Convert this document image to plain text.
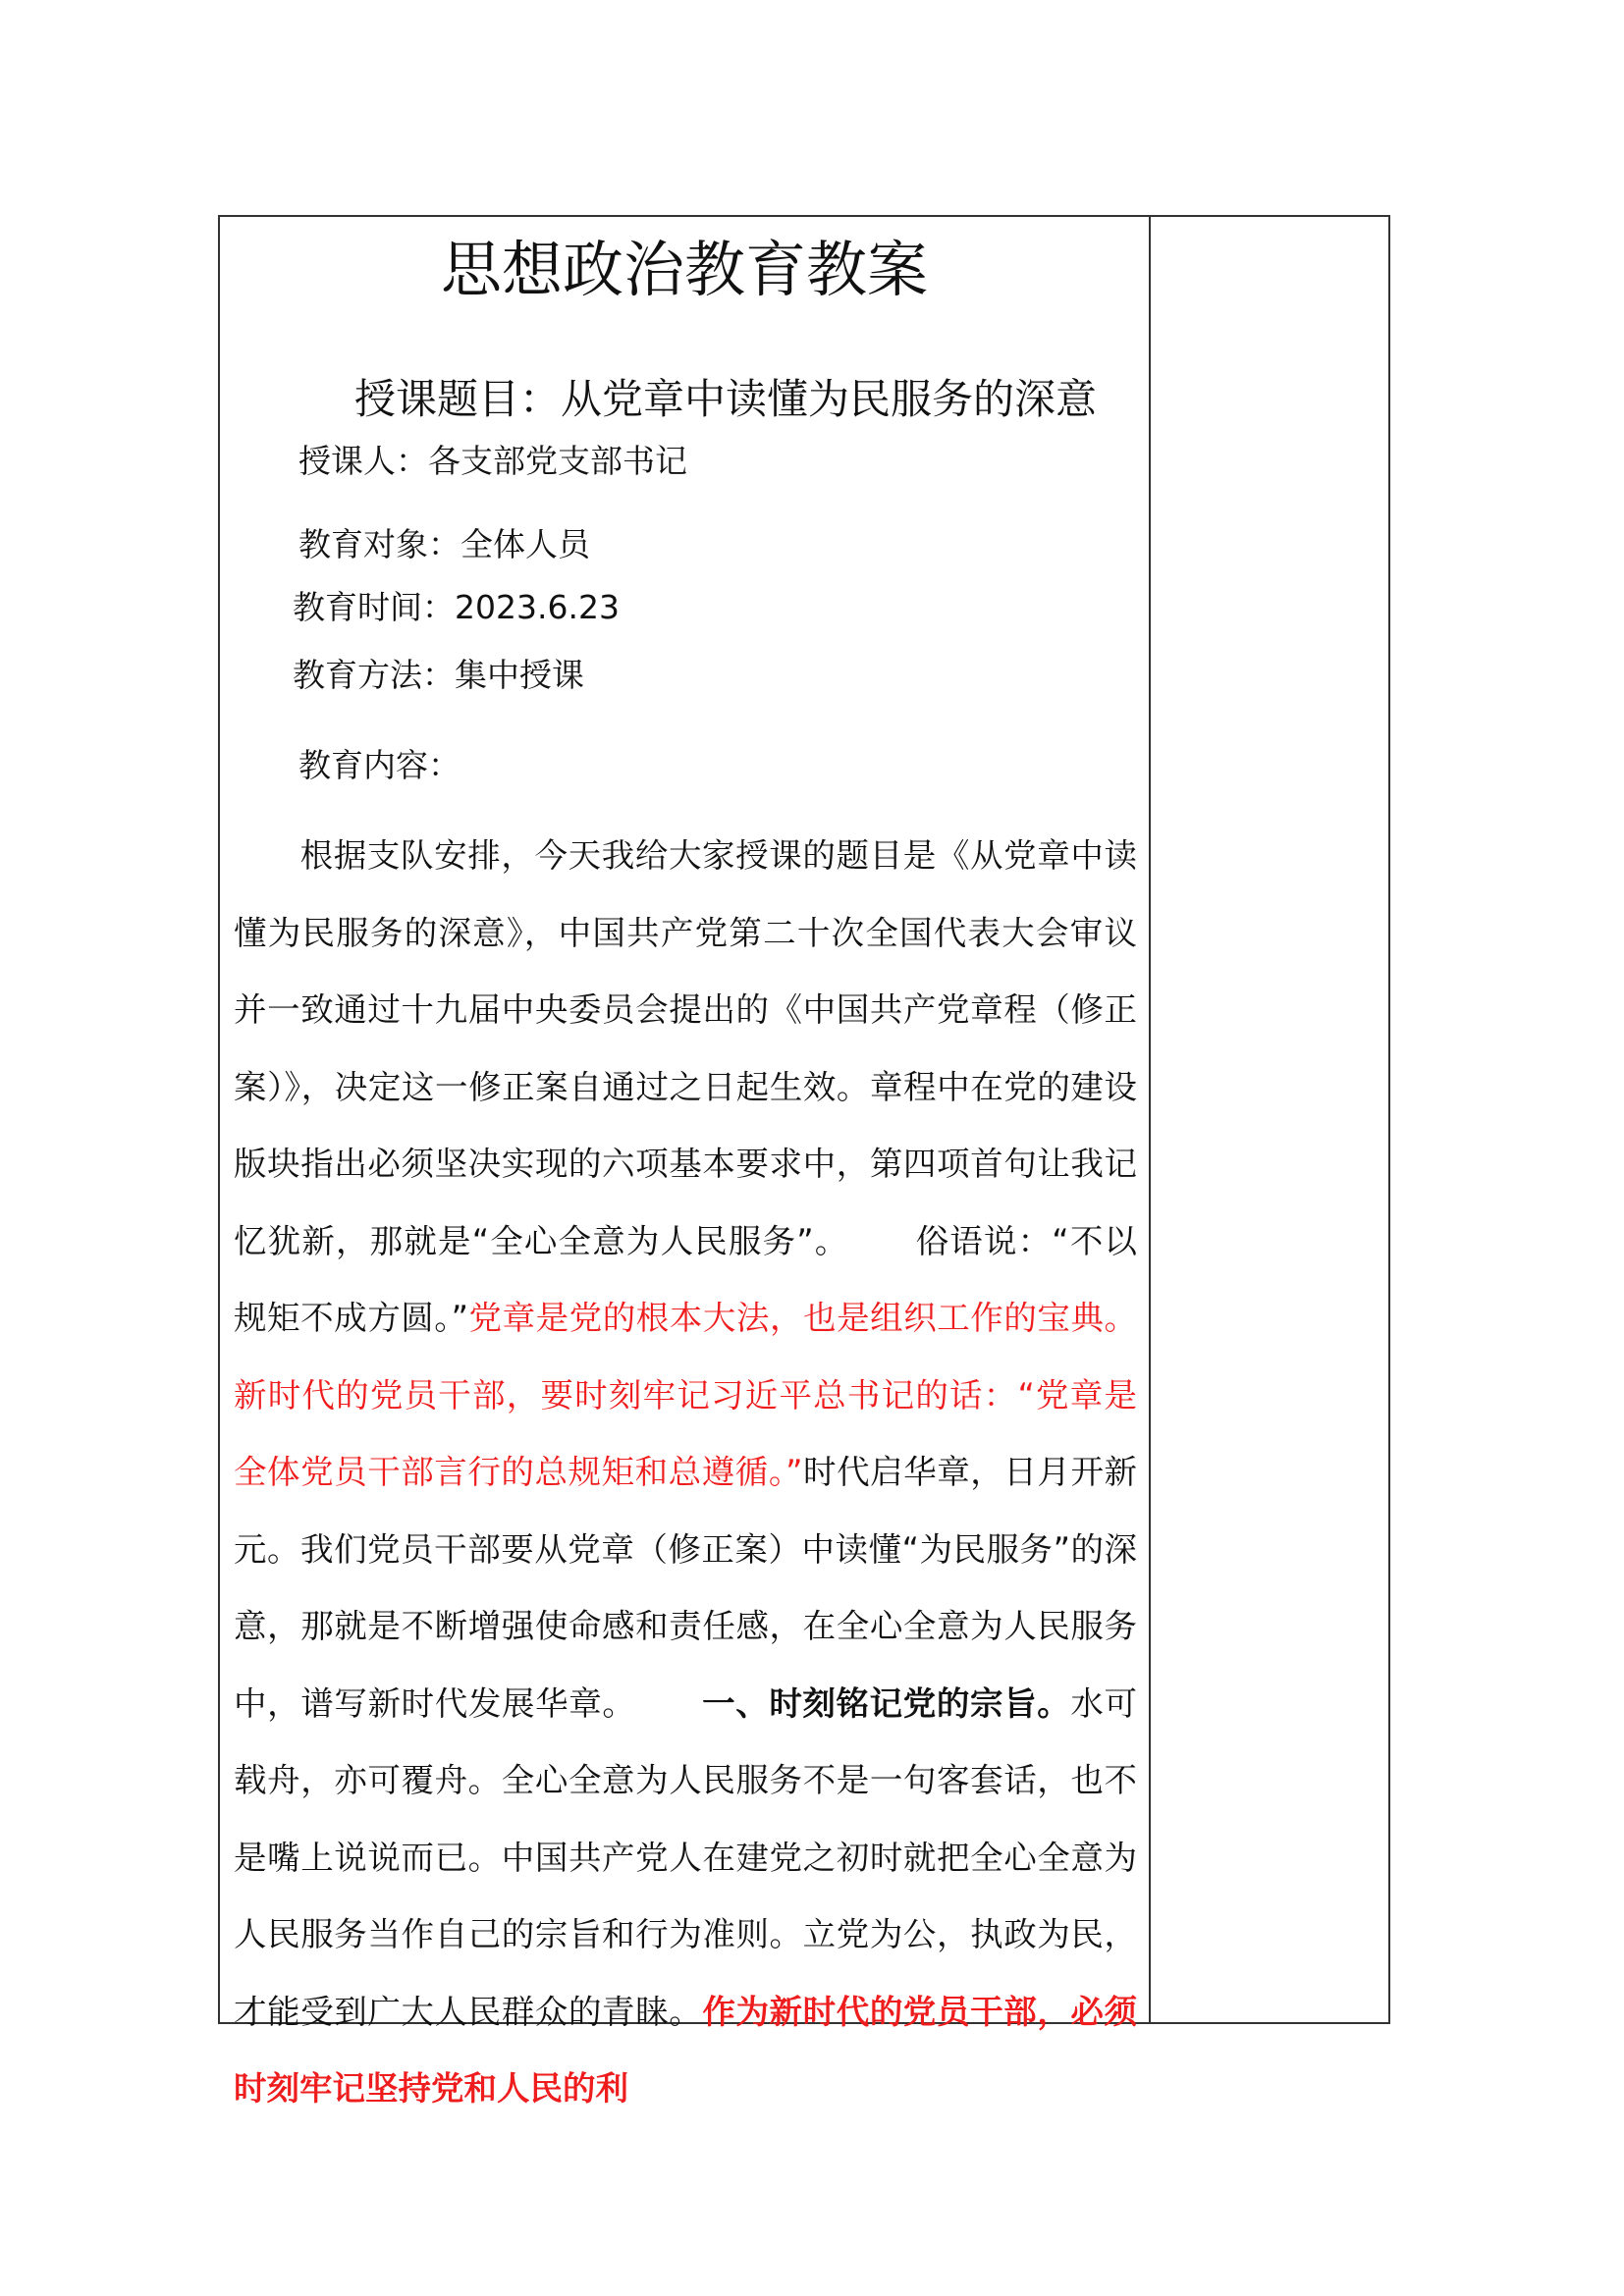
思想政治教育教案
授课题目：从党章中读懂为民服务的深意
授课人：各支部党支部书记
教育对象：全体人员
教育时间：2023.6.23
教育方法：集中授课
教育内容：

根据支队安排，今天我给大家授课的题目是《从党章中读懂为民服务的深意》，中国共产党第二十次全国代表大会审议并一致通过十九届中央委员会提出的《中国共产党章程（修正案）》，决定这一修正案自通过之日起生效。章程中在党的建设版块指出必须坚决实现的六项基本要求中，第四项首句让我记忆犹新，那就是“全心全意为人民服务”。 俗语说：“不以规矩不成方圆。”党章是党的根本大法，也是组织工作的宝典。新时代的党员干部，要时刻牢记习近平总书记的话：“党章是全体党员干部言行的总规矩和总遵循。”时代启华章，日月开新元。我们党员干部要从党章（修正案）中读懂“为民服务”的深意，那就是不断增强使命感和责任感，在全心全意为人民服务中，谱写新时代发展华章。 一、时刻铭记党的宗旨。水可载舟，亦可覆舟。全心全意为人民服务不是一句客套话，也不是嘴上说说而已。中国共产党人在建党之初时就把全心全意为人民服务当作自己的宗旨和行为准则。立党为公，执政为民，才能受到广大人民群众的青睐。作为新时代的党员干部，必须时刻牢记坚持党和人民的利
